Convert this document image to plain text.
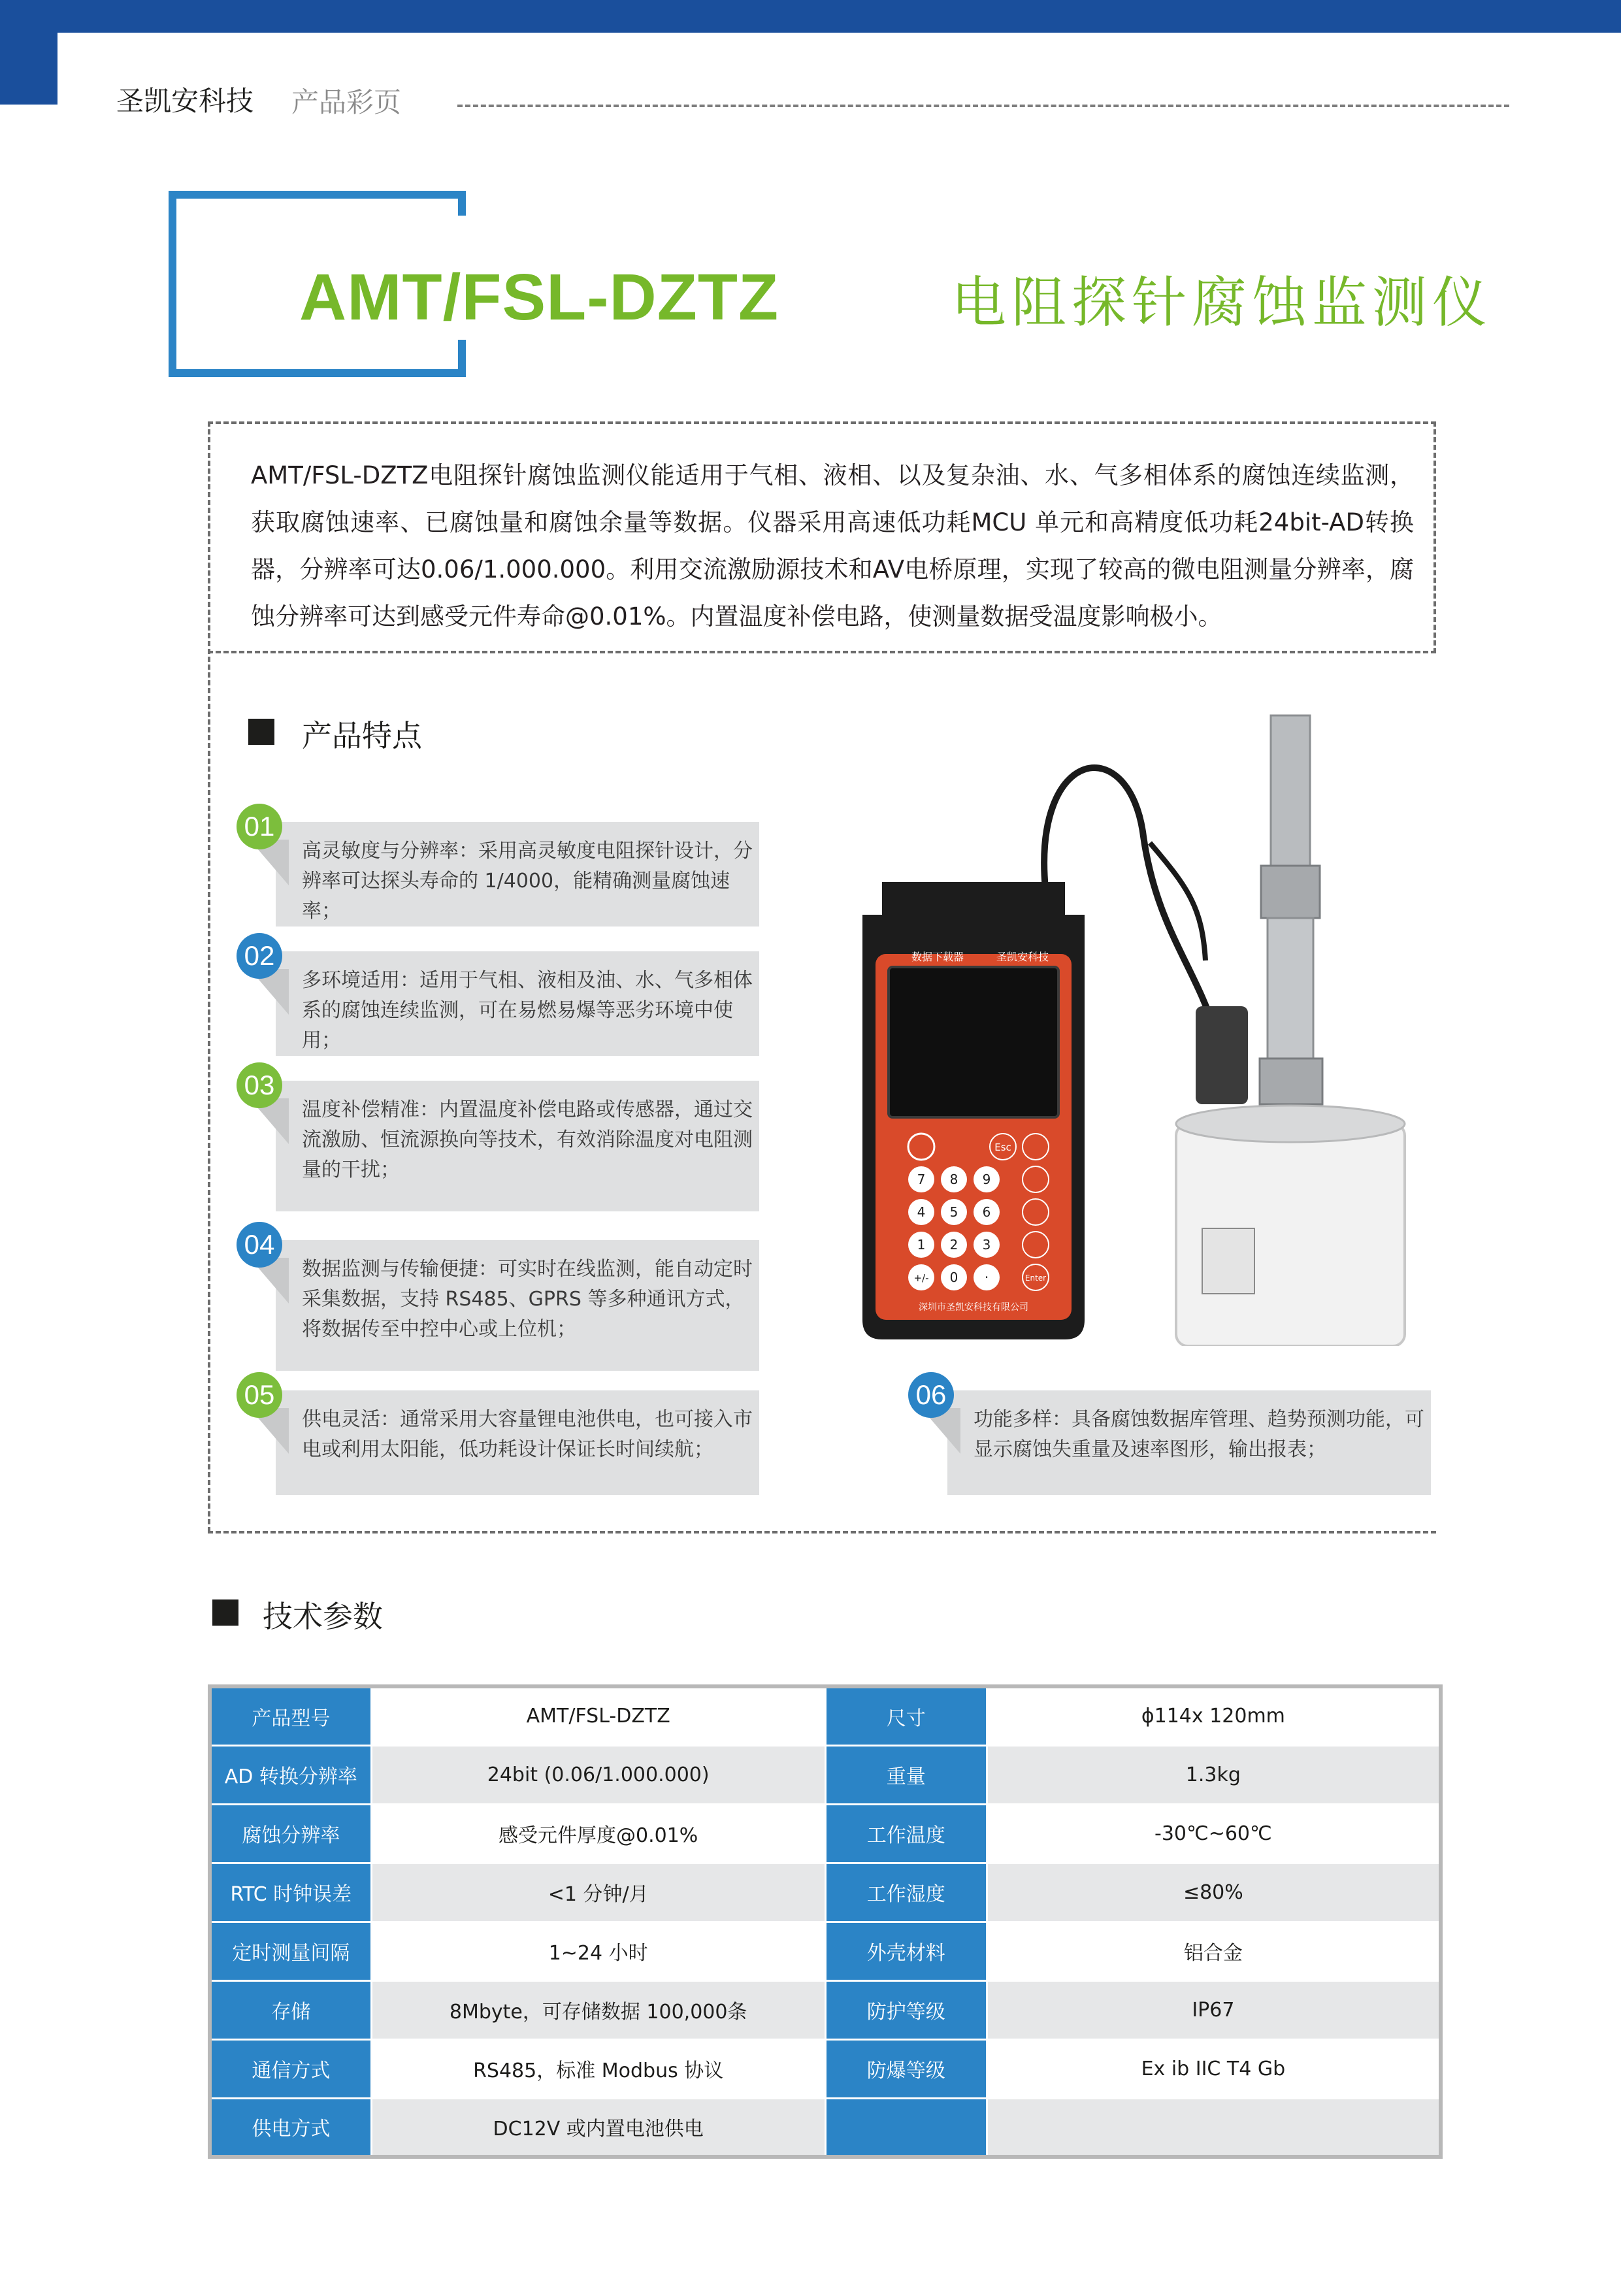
圣凯安科技 产品彩页
AMT/FSL-DZTZ	电阻探针腐蚀监测仪
AMT/FSL-DZTZ电阻探针腐蚀监测仪能适用于气相、液相、以及复杂油、水、气多相体系的腐蚀连续监测，获取腐蚀速率、已腐蚀量和腐蚀余量等数据。仪器采用高速低功耗MCU 单元和高精度低功耗24bit-AD转换器，分辨率可达0.06/1.000.000。利用交流激励源技术和AV电桥原理，实现了较高的微电阻测量分辨率，腐蚀分辨率可达到感受元件寿命@0.01%。内置温度补偿电路，使测量数据受温度影响极小。
产品特点
01
高灵敏度与分辨率：采用高灵敏度电阻探针设计，分辨率可达探头寿命的 1/4000，能精确测量腐蚀速率；
02
多环境适用：适用于气相、液相及油、水、气多相体系的腐蚀连续监测，可在易燃易爆等恶劣环境中使用；
03
温度补偿精准：内置温度补偿电路或传感器，通过交流激励、恒流源换向等技术，有效消除温度对电阻测量的干扰；
04
数据监测与传输便捷：可实时在线监测，能自动定时采集数据，支持 RS485、GPRS 等多种通讯方式，将数据传至中控中心或上位机；
05
供电灵活：通常采用大容量锂电池供电，也可接入市电或利用太阳能，低功耗设计保证长时间续航；
06
功能多样：具备腐蚀数据库管理、趋势预测功能，可显示腐蚀失重量及速率图形，输出报表；
数据下载器	圣凯安科技
Esc
7 8 9
4 5 6
1 2 3
+/- 0 ·	Enter
深圳市圣凯安科技有限公司
技术参数
产品型号	AMT/FSL-DZTZ	尺寸	ϕ114x 120mm
AD 转换分辨率	24bit (0.06/1.000.000)	重量	1.3kg
腐蚀分辨率	感受元件厚度@0.01%	工作温度	-30℃~60℃
RTC 时钟误差	<1 分钟/月	工作湿度	≤80%
定时测量间隔	1~24 小时	外壳材料	铝合金
存储	8Mbyte，可存储数据 100,000条	防护等级	IP67
通信方式	RS485，标准 Modbus 协议	防爆等级	Ex ib IIC T4 Gb
供电方式	DC12V 或内置电池供电		
